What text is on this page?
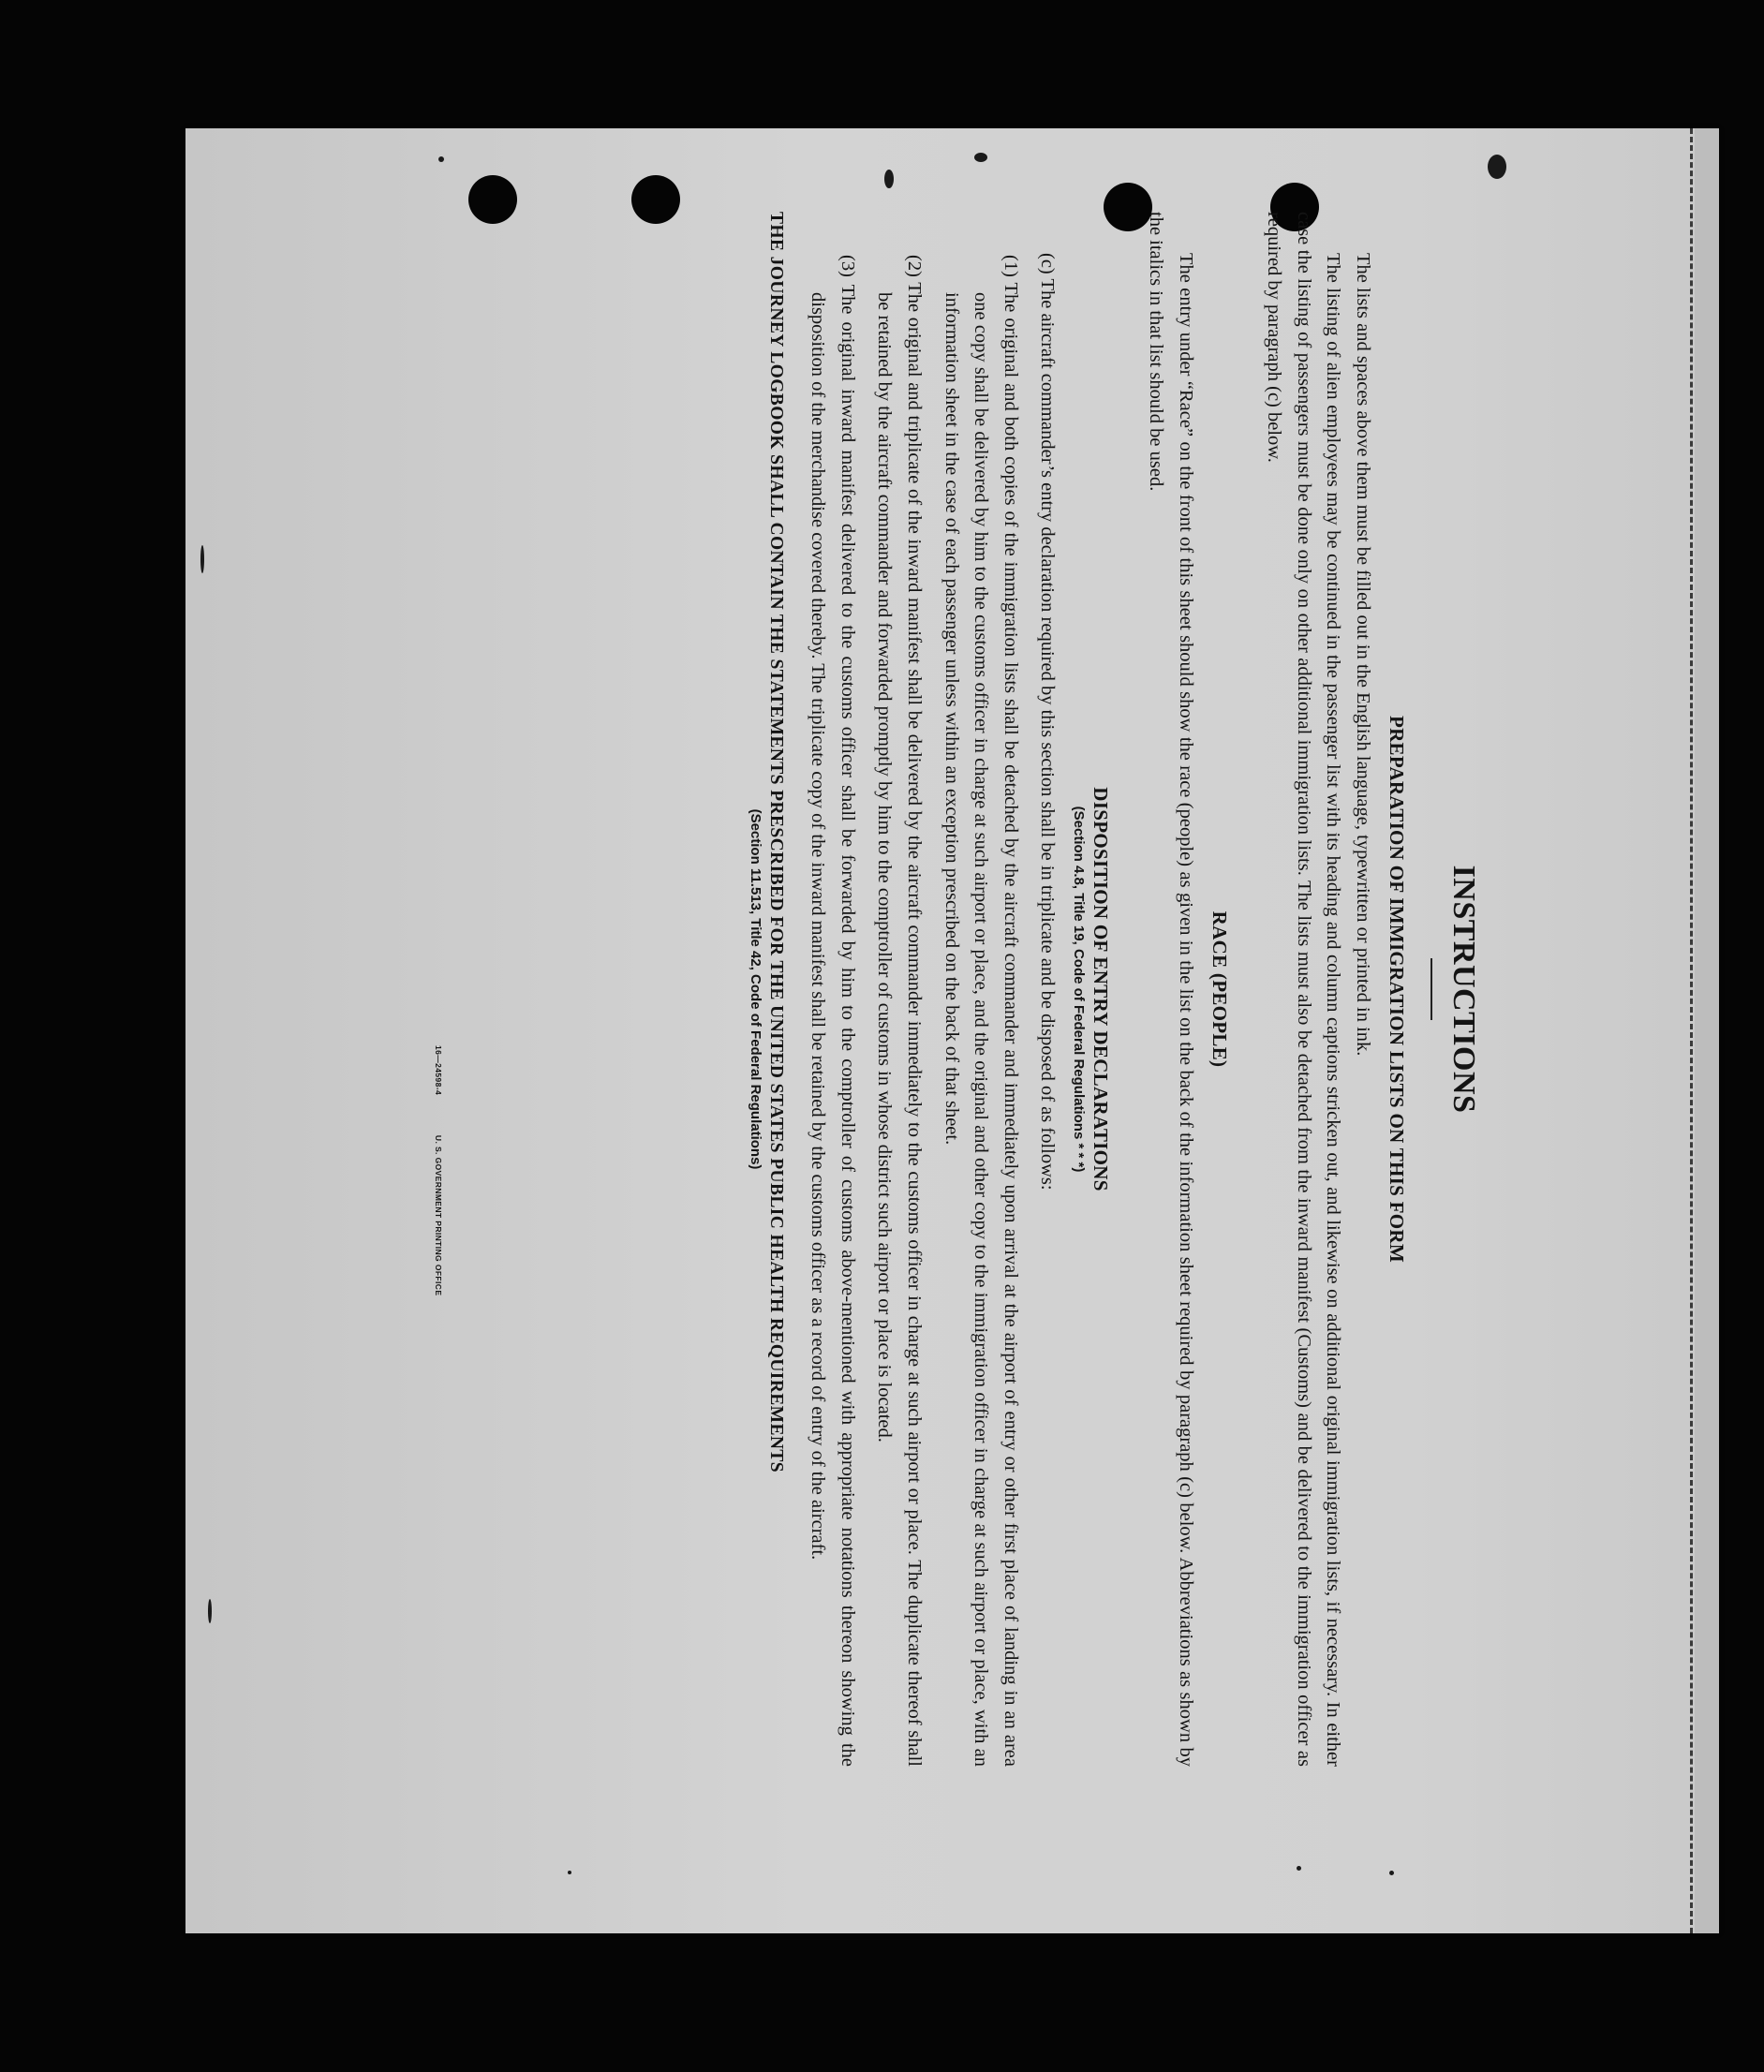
INSTRUCTIONS
PREPARATION OF IMMIGRATION LISTS ON THIS FORM

The lists and spaces above them must be filled out in the English language, typewritten or printed in ink.

The listing of alien employees may be continued in the passenger list with its heading and column captions stricken out, and likewise on additional original immigration lists, if necessary. In either case the listing of passengers must be done only on other additional immigration lists. The lists must also be detached from the inward manifest (Customs) and be delivered to the immigration officer as required by paragraph (c) below.

RACE (PEOPLE)

The entry under “Race” on the front of this sheet should show the race (people) as given in the list on the back of the information sheet required by paragraph (c) below. Abbreviations as shown by the italics in that list should be used.

DISPOSITION OF ENTRY DECLARATIONS
(Section 4.8, Title 19, Code of Federal Regulations * * *)

(c) The aircraft commander’s entry declaration required by this section shall be in triplicate and be disposed of as follows:

(1) The original and both copies of the immigration lists shall be detached by the aircraft commander and immediately upon arrival at the airport of entry or other first place of landing in an area one copy shall be delivered by him to the customs officer in charge at such airport or place, and the original and other copy to the immigration officer in charge at such airport or place, with an information sheet in the case of each passenger unless within an exception prescribed on the back of that sheet.

(2) The original and triplicate of the inward manifest shall be delivered by the aircraft commander immediately to the customs officer in charge at such airport or place. The duplicate thereof shall be retained by the aircraft commander and forwarded promptly by him to the comptroller of customs in whose district such airport or place is located.

(3) The original inward manifest delivered to the customs officer shall be forwarded by him to the comptroller of customs above-mentioned with appropriate notations thereon showing the disposition of the merchandise covered thereby. The triplicate copy of the inward manifest shall be retained by the customs officer as a record of entry of the aircraft.

THE JOURNEY LOGBOOK SHALL CONTAIN THE STATEMENTS PRESCRIBED FOR THE UNITED STATES PUBLIC HEALTH REQUIREMENTS
(Section 11.513, Title 42, Code of Federal Regulations)
16—24598-4 U. S. GOVERNMENT PRINTING OFFICE
